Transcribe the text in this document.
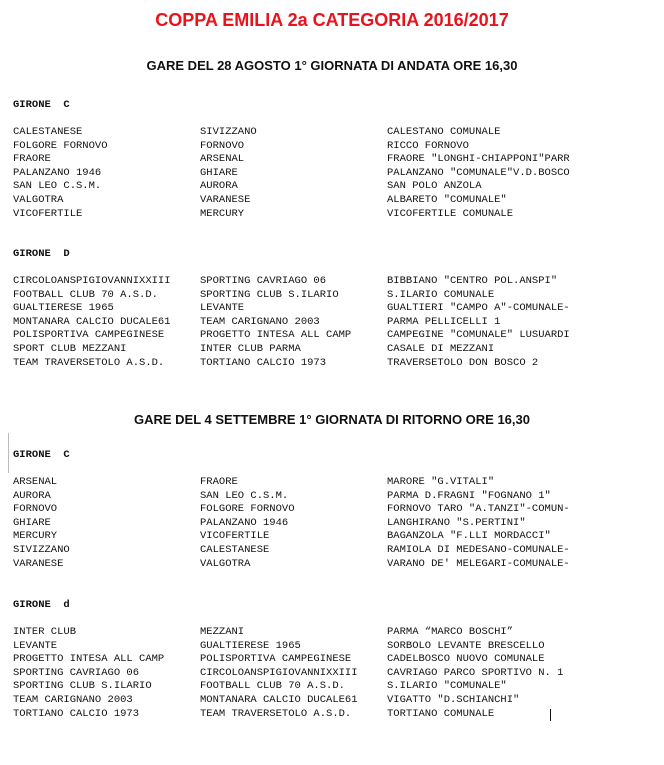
COPPA EMILIA 2a CATEGORIA 2016/2017
GARE DEL 28 AGOSTO 1° GIORNATA DI ANDATA ORE 16,30
GIRONE  C
CALESTANESE	SIVIZZANO	CALESTANO COMUNALE
FOLGORE FORNOVO	FORNOVO	RICCO FORNOVO
FRAORE	ARSENAL	FRAORE "LONGHI-CHIAPPONI"PARR
PALANZANO 1946	GHIARE	PALANZANO "COMUNALE"V.D.BOSCO
SAN LEO C.S.M.	AURORA	SAN POLO ANZOLA
VALGOTRA	VARANESE	ALBARETO "COMUNALE"
VICOFERTILE	MERCURY	VICOFERTILE COMUNALE
GIRONE  D
CIRCOLOANSPIGIOVANNIXXIII	SPORTING CAVRIAGO 06	BIBBIANO "CENTRO POL.ANSPI"
FOOTBALL CLUB 70 A.S.D.	SPORTING CLUB S.ILARIO	S.ILARIO COMUNALE
GUALTIERESE 1965	LEVANTE	GUALTIERI "CAMPO A"-COMUNALE-
MONTANARA CALCIO DUCALE61	TEAM CARIGNANO 2003	PARMA PELLICELLI 1
POLISPORTIVA CAMPEGINESE	PROGETTO INTESA ALL CAMP	CAMPEGINE "COMUNALE" LUSUARDI
SPORT CLUB MEZZANI	INTER CLUB PARMA	CASALE DI MEZZANI
TEAM TRAVERSETOLO A.S.D.	TORTIANO CALCIO 1973	TRAVERSETOLO DON BOSCO 2
GARE DEL 4 SETTEMBRE 1° GIORNATA DI RITORNO ORE 16,30
GIRONE  C
ARSENAL	FRAORE	MARORE "G.VITALI"
AURORA	SAN LEO C.S.M.	PARMA D.FRAGNI "FOGNANO 1"
FORNOVO	FOLGORE FORNOVO	FORNOVO TARO "A.TANZI"-COMUN-
GHIARE	PALANZANO 1946	LANGHIRANO "S.PERTINI"
MERCURY	VICOFERTILE	BAGANZOLA "F.LLI MORDACCI"
SIVIZZANO	CALESTANESE	RAMIOLA DI MEDESANO-COMUNALE-
VARANESE	VALGOTRA	VARANO DE' MELEGARI-COMUNALE-
GIRONE  d
INTER CLUB	MEZZANI	PARMA “MARCO BOSCHI”
LEVANTE	GUALTIERESE 1965	SORBOLO LEVANTE BRESCELLO
PROGETTO INTESA ALL CAMP	POLISPORTIVA CAMPEGINESE	CADELBOSCO NUOVO COMUNALE
SPORTING CAVRIAGO 06	CIRCOLOANSPIGIOVANNIXXIII	CAVRIAGO PARCO SPORTIVO N. 1
SPORTING CLUB S.ILARIO	FOOTBALL CLUB 70 A.S.D.	S.ILARIO "COMUNALE"
TEAM CARIGNANO 2003	MONTANARA CALCIO DUCALE61	VIGATTO "D.SCHIANCHI"
TORTIANO CALCIO 1973	TEAM TRAVERSETOLO A.S.D.	TORTIANO COMUNALE
